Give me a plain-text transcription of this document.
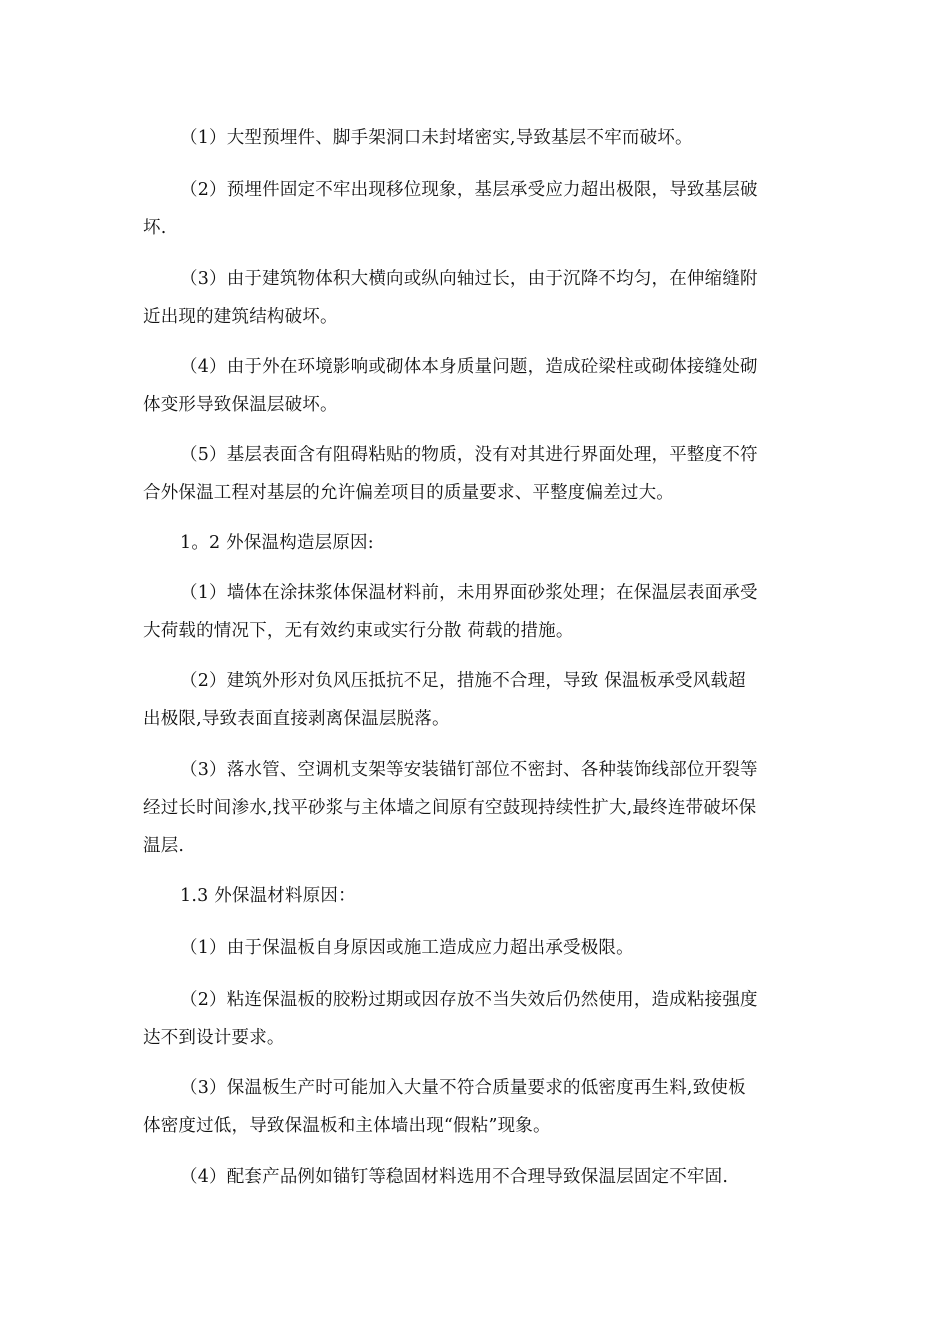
（1）大型预埋件、脚手架洞口未封堵密实,导致基层不牢而破坏。
（2）预埋件固定不牢出现移位现象，基层承受应力超出极限，导致基层破
坏.
（3）由于建筑物体积大横向或纵向轴过长，由于沉降不均匀，在伸缩缝附
近出现的建筑结构破坏。
（4）由于外在环境影响或砌体本身质量问题，造成砼梁柱或砌体接缝处砌
体变形导致保温层破坏。
（5）基层表面含有阻碍粘贴的物质，没有对其进行界面处理，平整度不符
合外保温工程对基层的允许偏差项目的质量要求、平整度偏差过大。
1。2 外保温构造层原因:
（1）墙体在涂抹浆体保温材料前，未用界面砂浆处理；在保温层表面承受
大荷载的情况下，无有效约束或实行分散 荷载的措施。
（2）建筑外形对负风压抵抗不足，措施不合理，导致 保温板承受风载超
出极限,导致表面直接剥离保温层脱落。
（3）落水管、空调机支架等安装锚钉部位不密封、各种装饰线部位开裂等
经过长时间渗水,找平砂浆与主体墙之间原有空鼓现持续性扩大,最终连带破坏保
温层.
1.3 外保温材料原因：
（1）由于保温板自身原因或施工造成应力超出承受极限。
（2）粘连保温板的胶粉过期或因存放不当失效后仍然使用，造成粘接强度
达不到设计要求。
（3）保温板生产时可能加入大量不符合质量要求的低密度再生料,致使板
体密度过低，导致保温板和主体墙出现“假粘”现象。
（4）配套产品例如锚钉等稳固材料选用不合理导致保温层固定不牢固.
